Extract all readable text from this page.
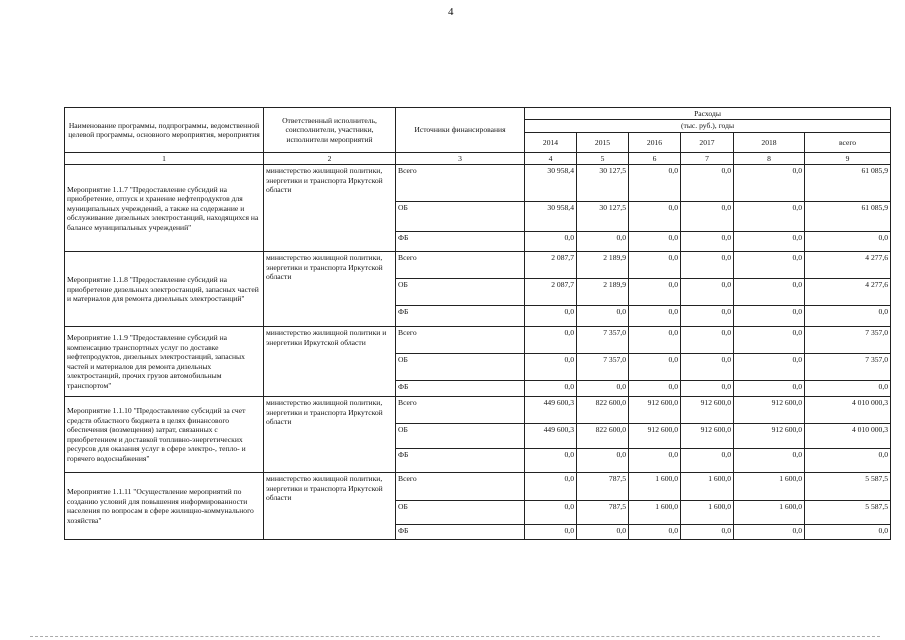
4
Наименование программы, подпрограммы, ведомственной целевой программы, основного мероприятия, мероприятия	Ответственный исполнитель, соисполнители, участники, исполнители мероприятий	Источники финансирования	Расходы					
			(тыс. руб.), годы					
			2014	2015	2016	2017	2018	всего
1	2	3	4	5	6	7	8	9
Мероприятие 1.1.7 "Предоставление субсидий на приобретение, отпуск и хранение нефтепродуктов для муниципальных учреждений, а также на содержание и обслуживание дизельных электростанций, находящихся на балансе муниципальных учреждений"	министерство жилищной политики, энергетики и транспорта Иркутской области	Всего	30 958,4	30 127,5	0,0	0,0	0,0	61 085,9
		ОБ	30 958,4	30 127,5	0,0	0,0	0,0	61 085,9
		ФБ	0,0	0,0	0,0	0,0	0,0	0,0
Мероприятие 1.1.8 "Предоставление субсидий на приобретение дизельных электростанций, запасных частей и материалов для ремонта дизельных электростанций"	министерство жилищной политики, энергетики и транспорта Иркутской области	Всего	2 087,7	2 189,9	0,0	0,0	0,0	4 277,6
		ОБ	2 087,7	2 189,9	0,0	0,0	0,0	4 277,6
		ФБ	0,0	0,0	0,0	0,0	0,0	0,0
Мероприятие 1.1.9 "Предоставление субсидий на компенсацию транспортных услуг по доставке нефтепродуктов, дизельных электростанций, запасных частей и материалов для ремонта дизельных электростанций, прочих грузов автомобильным транспортом"	министерство жилищной политики и энергетики Иркутской области	Всего	0,0	7 357,0	0,0	0,0	0,0	7 357,0
		ОБ	0,0	7 357,0	0,0	0,0	0,0	7 357,0
		ФБ	0,0	0,0	0,0	0,0	0,0	0,0
Мероприятие 1.1.10 "Предоставление субсидий за счет средств областного бюджета в целях финансового обеспечения (возмещения) затрат, связанных с приобретением и доставкой топливно-энергетических ресурсов для оказания услуг в сфере электро-, тепло- и горячего водоснабжения"	министерство жилищной политики, энергетики и транспорта Иркутской области	Всего	449 600,3	822 600,0	912 600,0	912 600,0	912 600,0	4 010 000,3
		ОБ	449 600,3	822 600,0	912 600,0	912 600,0	912 600,0	4 010 000,3
		ФБ	0,0	0,0	0,0	0,0	0,0	0,0
Мероприятие 1.1.11 "Осуществление мероприятий по созданию условий для повышения информированности населения по вопросам в сфере жилищно-коммунального хозяйства"	министерство жилищной политики, энергетики и транспорта Иркутской области	Всего	0,0	787,5	1 600,0	1 600,0	1 600,0	5 587,5
		ОБ	0,0	787,5	1 600,0	1 600,0	1 600,0	5 587,5
		ФБ	0,0	0,0	0,0	0,0	0,0	0,0
